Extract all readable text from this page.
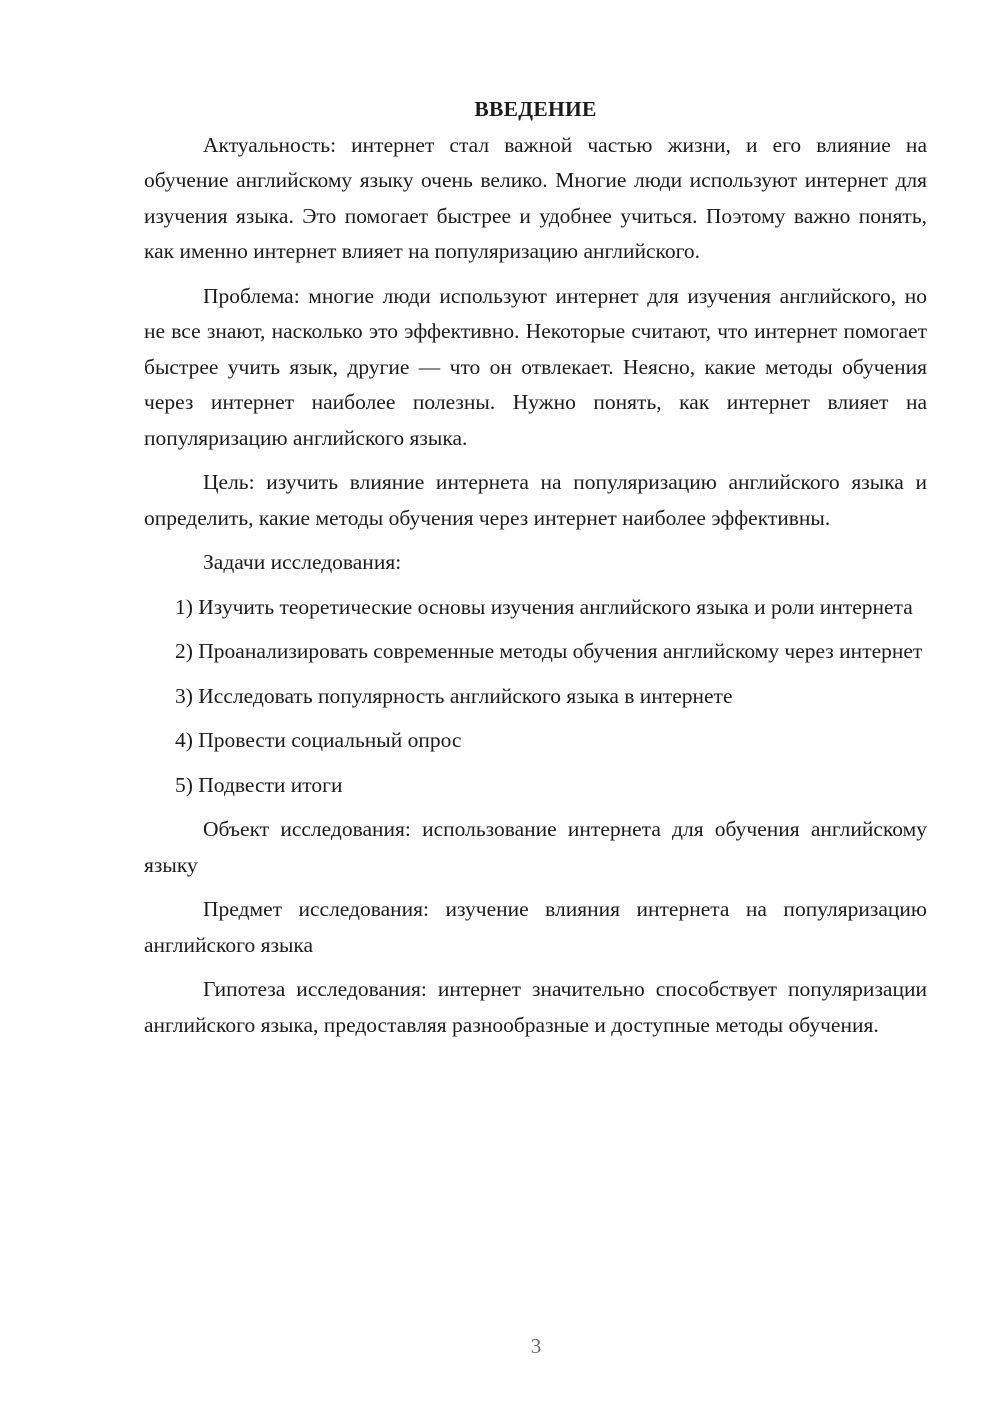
ВВЕДЕНИЕ

Актуальность: интернет стал важной частью жизни, и его влияние на обучение английскому языку очень велико. Многие люди используют интернет для изучения языка. Это помогает быстрее и удобнее учиться. Поэтому важно понять, как именно интернет влияет на популяризацию английского.

Проблема: многие люди используют интернет для изучения английского, но не все знают, насколько это эффективно. Некоторые считают, что интернет помогает быстрее учить язык, другие — что он отвлекает. Неясно, какие методы обучения через интернет наиболее полезны. Нужно понять, как интернет влияет на популяризацию английского языка.

Цель: изучить влияние интернета на популяризацию английского языка и определить, какие методы обучения через интернет наиболее эффективны.

Задачи исследования:

1) Изучить теоретические основы изучения английского языка и роли интернета

2) Проанализировать современные методы обучения английскому через интернет

3) Исследовать популярность английского языка в интернете

4) Провести социальный опрос

5) Подвести итоги

Объект исследования: использование интернета для обучения английскому языку

Предмет исследования: изучение влияния интернета на популяризацию английского языка

Гипотеза исследования: интернет значительно способствует популяризации английского языка, предоставляя разнообразные и доступные методы обучения.

3
